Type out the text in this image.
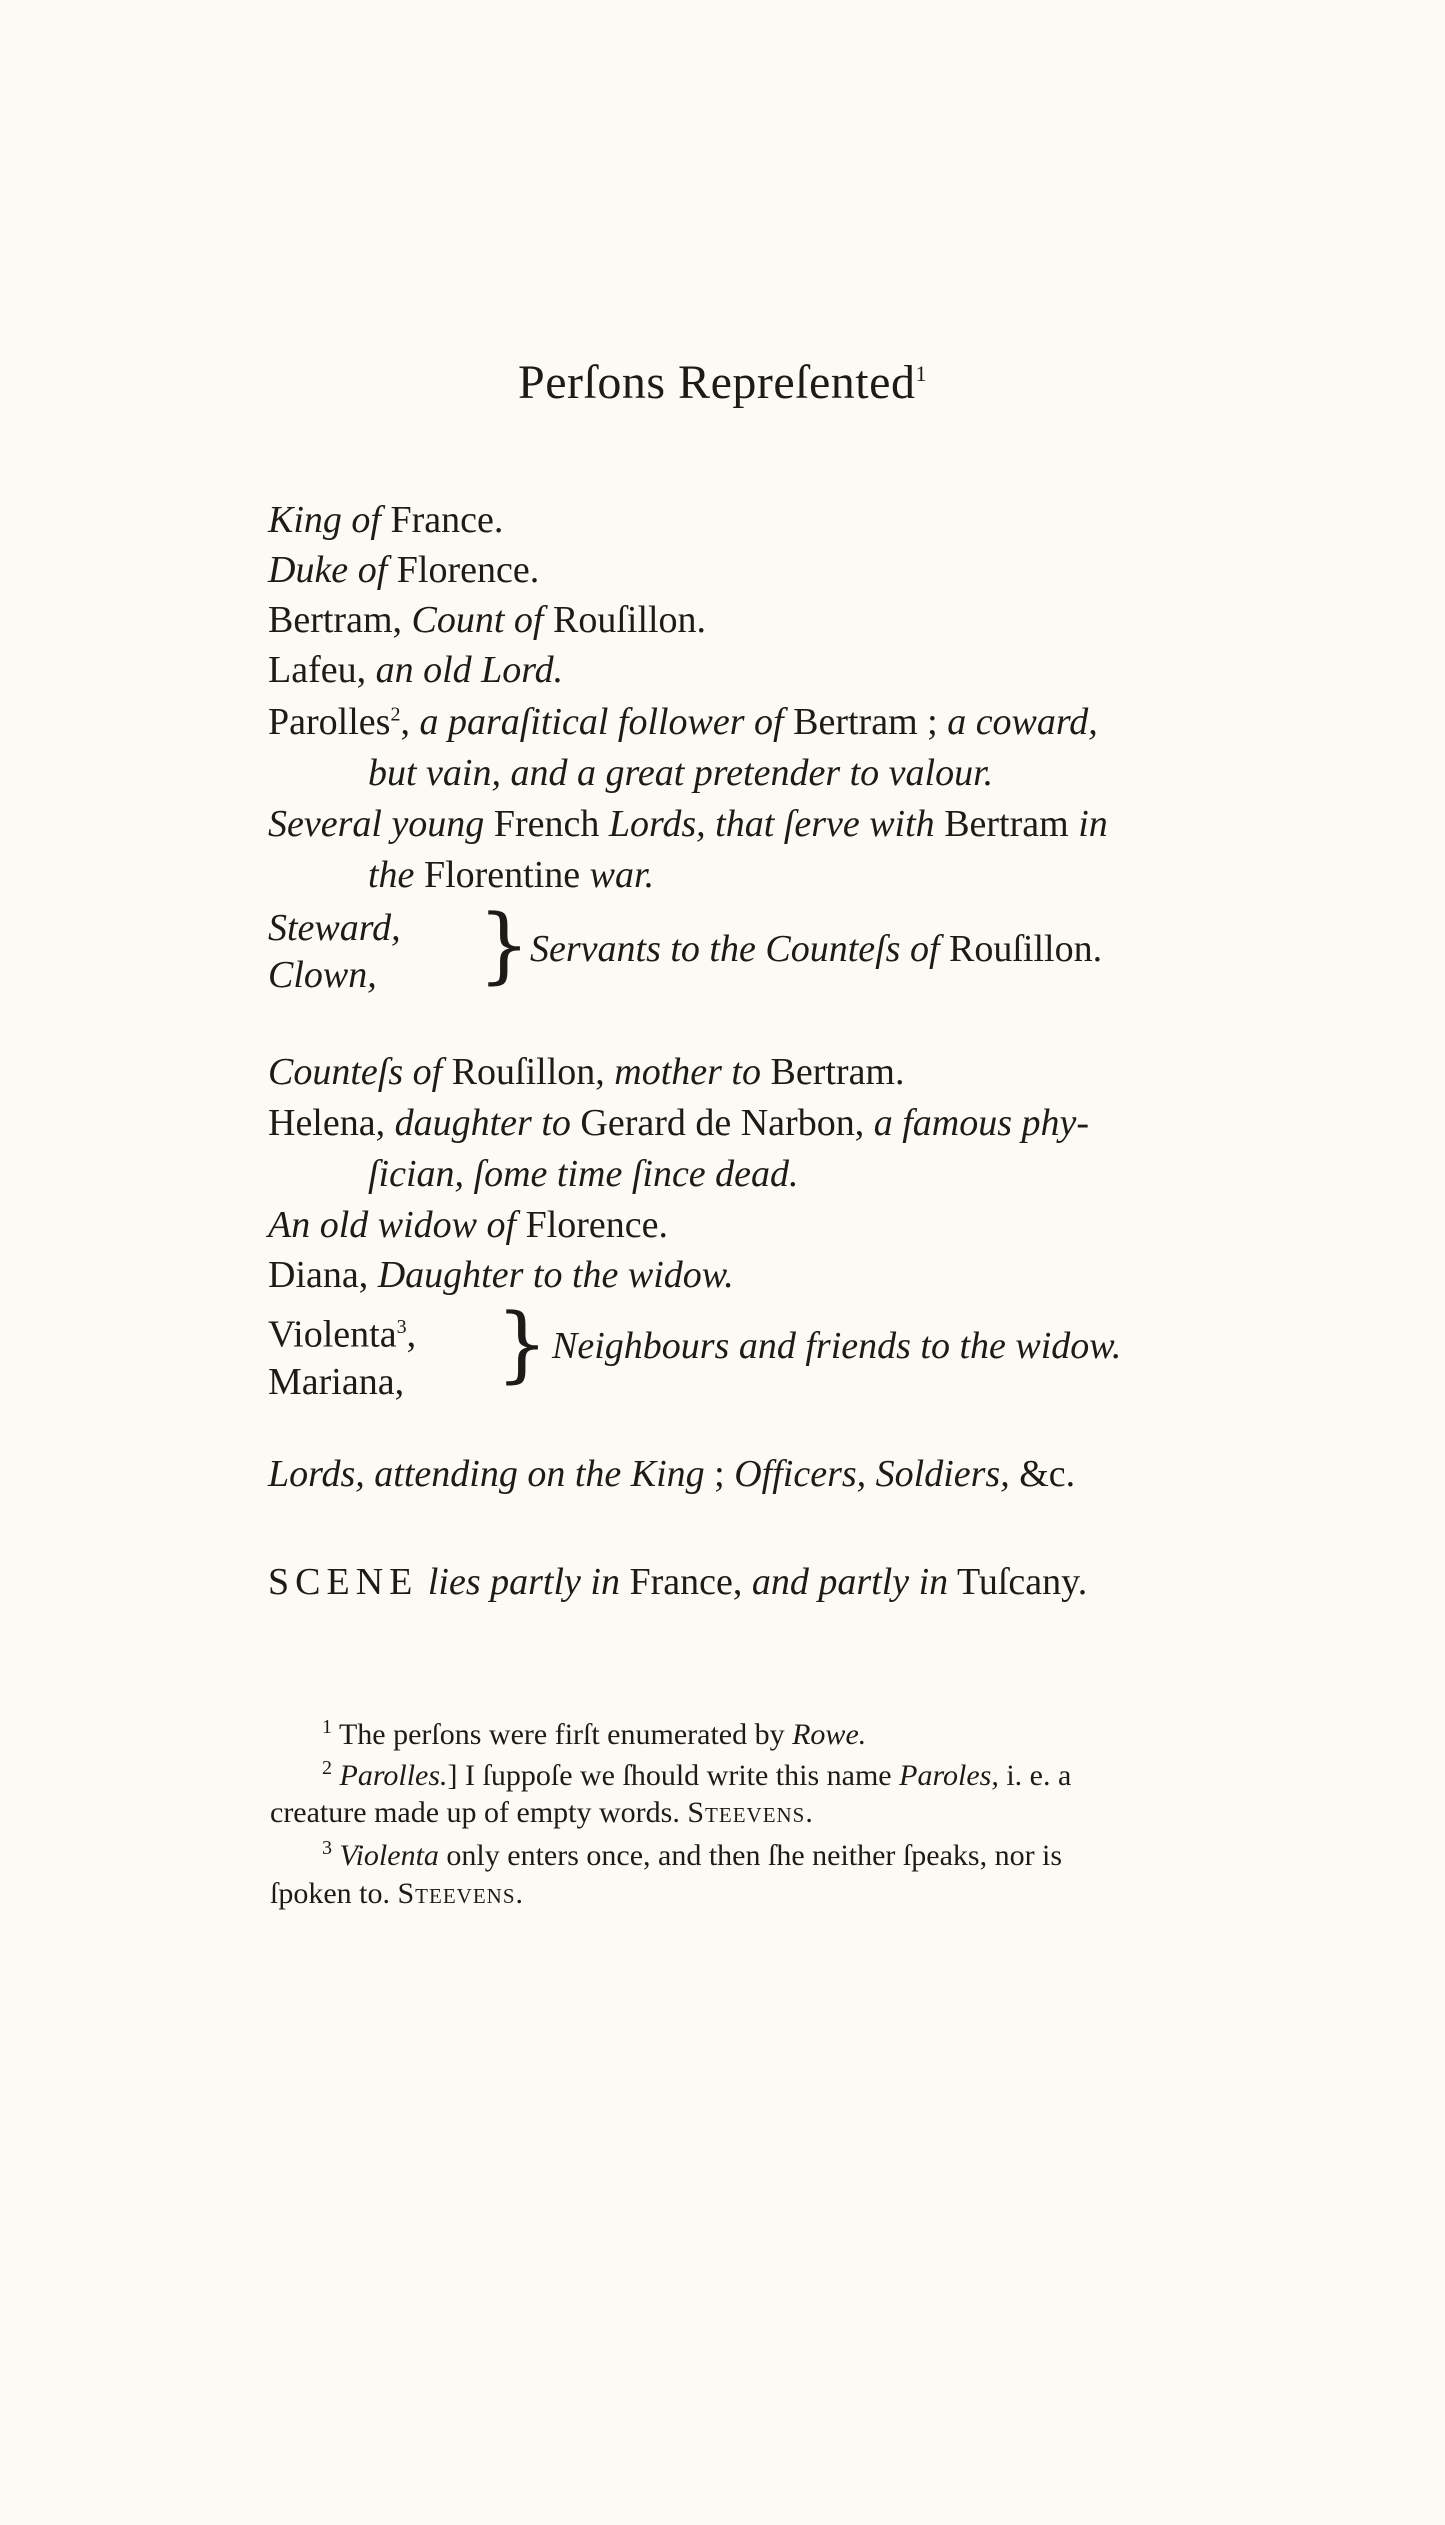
Perſons Repreſented$^1$
King of France.
Duke of Florence.
Bertram, Count of Rouſillon.
Lafeu, an old Lord.
Parolles$^2$, a paraſitical follower of Bertram ; a coward,
but vain, and a great pretender to valour.
Several young French Lords, that ſerve with Bertram in
the Florentine war.
Steward,
Clown, } Servants to the Counteſs of Rouſillon.
Counteſs of Rouſillon, mother to Bertram.
Helena, daughter to Gerard de Narbon, a famous phy-
ſician, ſome time ſince dead.
An old widow of Florence.
Diana, Daughter to the widow.
Violenta$^3$,
Mariana, } Neighbours and friends to the widow.
Lords, attending on the King ; Officers, Soldiers, &c.
SCENE lies partly in France, and partly in Tuſcany.
$^1$ The perſons were firſt enumerated by Rowe.
$^2$ Parolles.] I ſuppoſe we ſhould write this name Paroles, i. e. a
creature made up of empty words. Steevens.
$^3$ Violenta only enters once, and then ſhe neither ſpeaks, nor is
ſpoken to. Steevens.
